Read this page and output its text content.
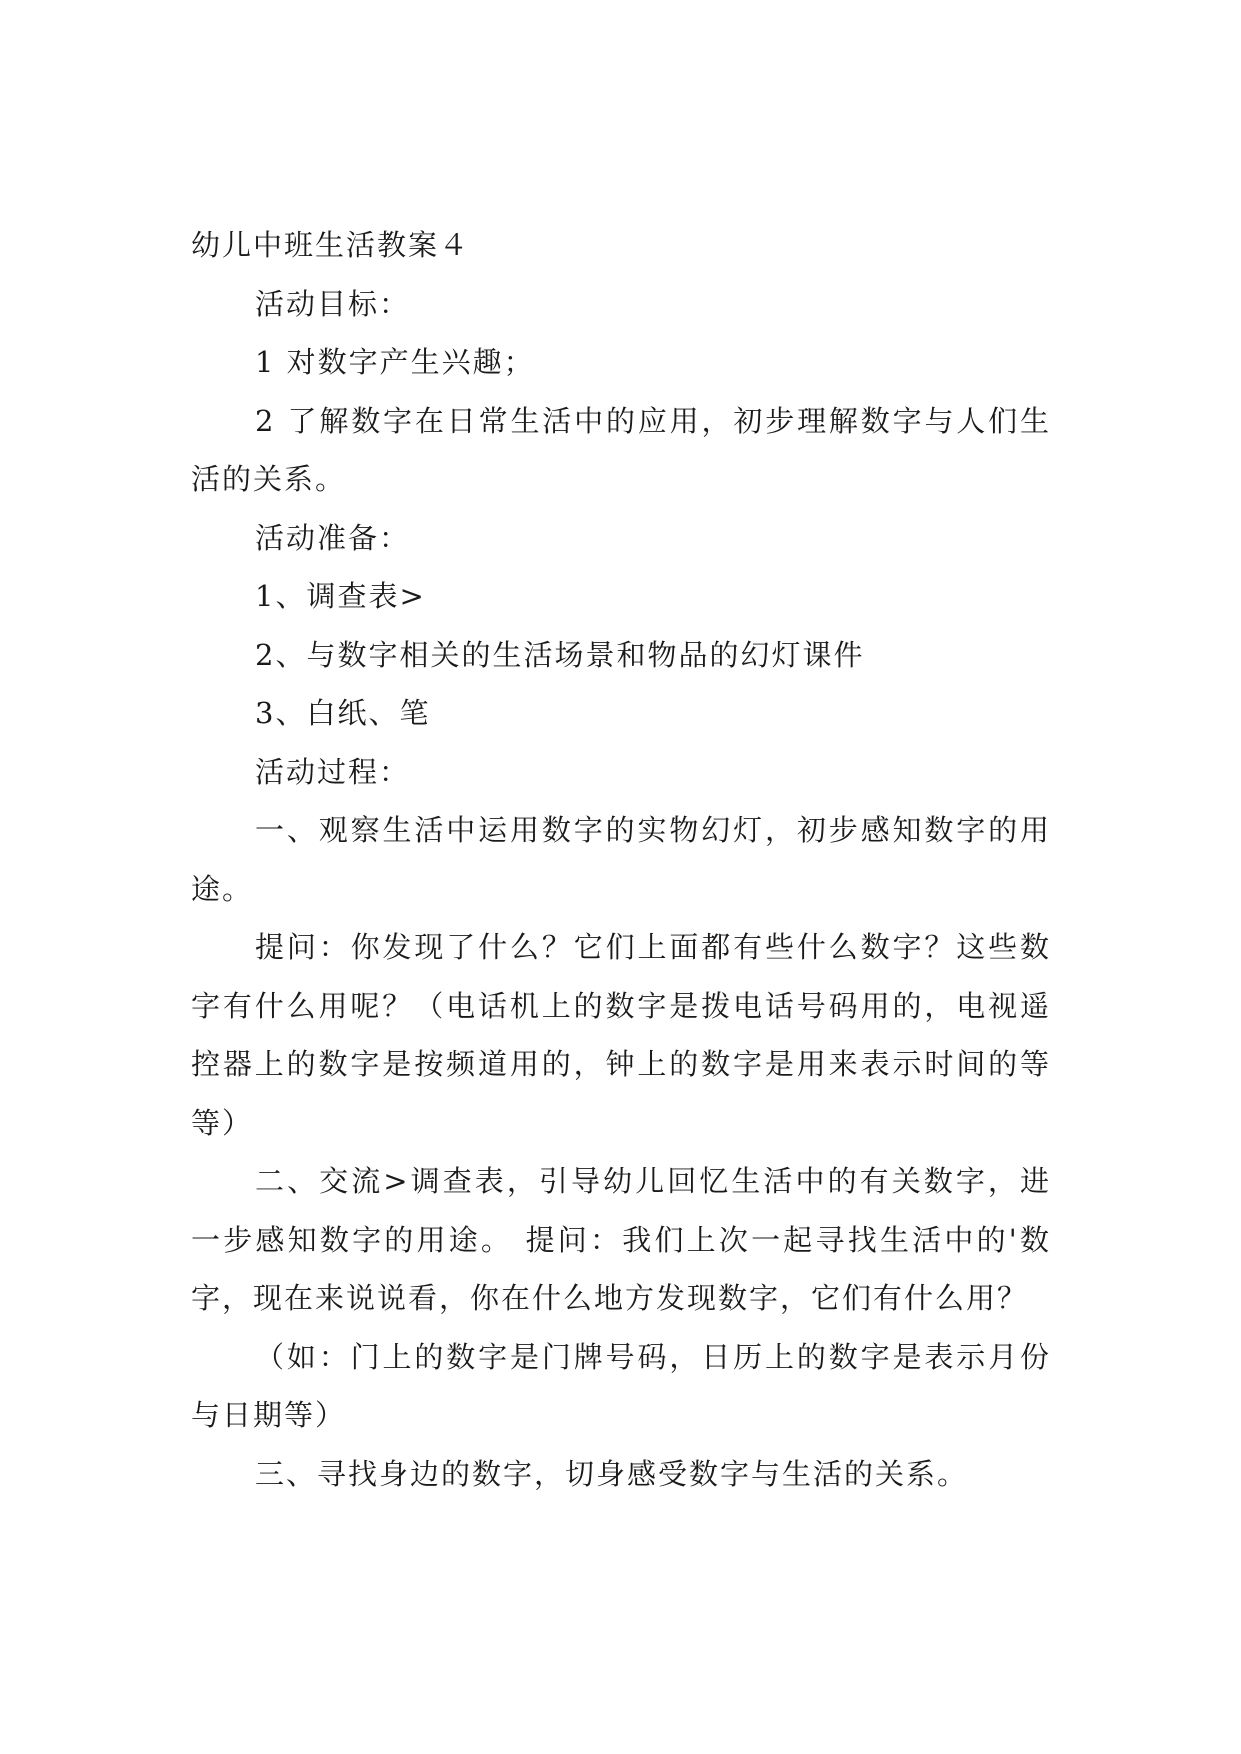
幼儿中班生活教案４

活动目标：

1 对数字产生兴趣；

2 了解数字在日常生活中的应用，初步理解数字与人们生活的关系。

活动准备：

1、调查表>

2、与数字相关的生活场景和物品的幻灯课件

3、白纸、笔

活动过程：

一、观察生活中运用数字的实物幻灯，初步感知数字的用途。

提问：你发现了什么？它们上面都有些什么数字？这些数字有什么用呢？（电话机上的数字是拨电话号码用的，电视遥控器上的数字是按频道用的，钟上的数字是用来表示时间的等等）

二、交流>调查表，引导幼儿回忆生活中的有关数字，进一步感知数字的用途。 提问：我们上次一起寻找生活中的'数字，现在来说说看，你在什么地方发现数字，它们有什么用？

（如：门上的数字是门牌号码，日历上的数字是表示月份与日期等）

三、寻找身边的数字，切身感受数字与生活的关系。
